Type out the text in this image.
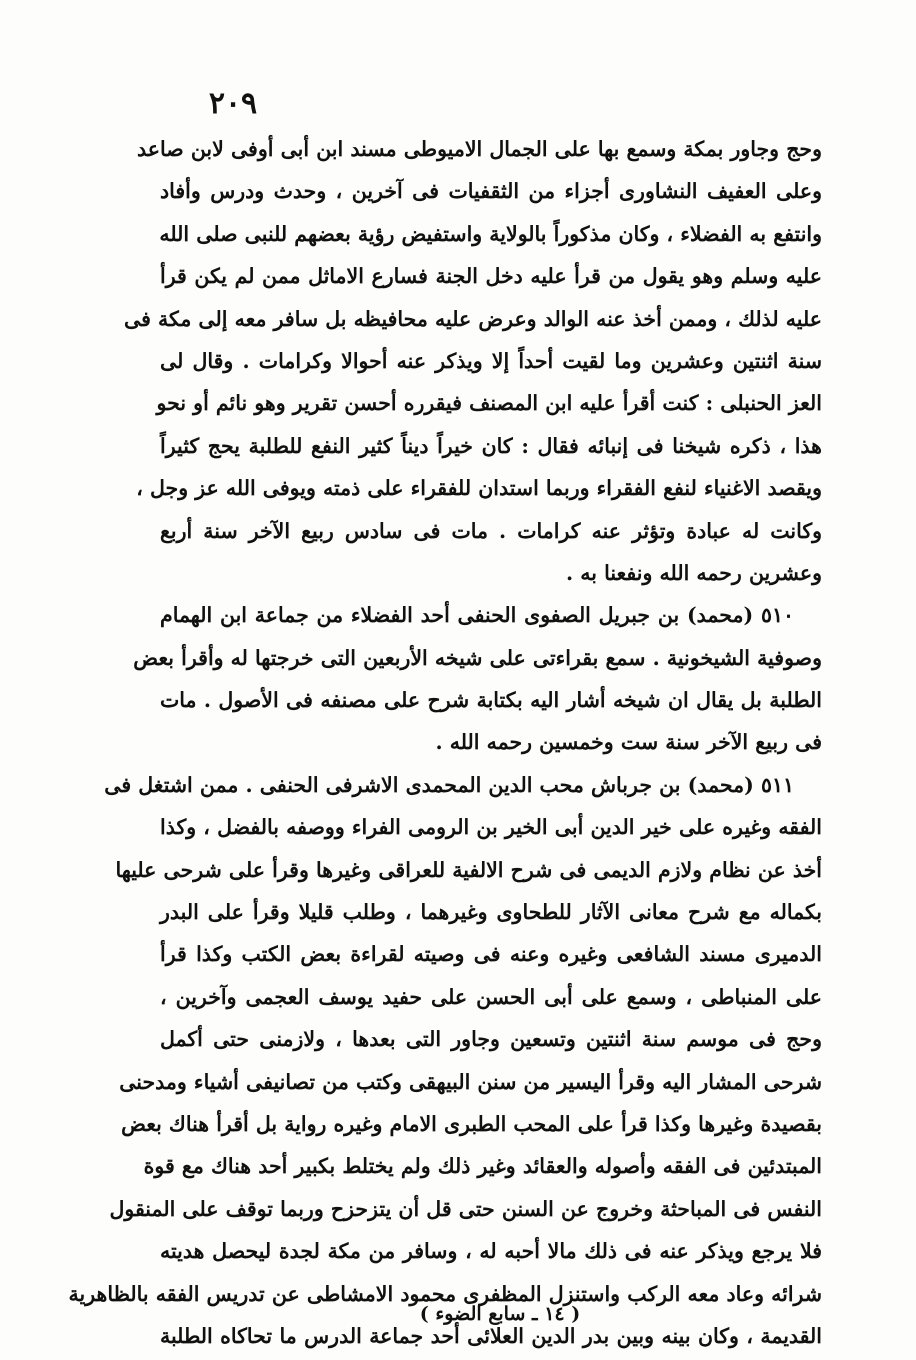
٢٠٩
وحج وجاور بمكة وسمع بها على الجمال الاميوطى مسند ابن أبى أوفى لابن صاعد
وعلى العفيف النشاورى أجزاء من الثقفيات فى آخرين ، وحدث ودرس وأفاد
وانتفع به الفضلاء ، وكان مذكوراً بالولاية واستفيض رؤية بعضهم للنبى صلى الله
عليه وسلم وهو يقول من قرأ عليه دخل الجنة فسارع الاماثل ممن لم يكن قرأ
عليه لذلك ، وممن أخذ عنه الوالد وعرض عليه محافيظه بل سافر معه إلى مكة فى
سنة اثنتين وعشرين وما لقيت أحداً إلا ويذكر عنه أحوالا وكرامات . وقال لى
العز الحنبلى : كنت أقرأ عليه ابن المصنف فيقرره أحسن تقرير وهو نائم أو نحو
هذا ، ذكره شيخنا فى إنبائه فقال : كان خيراً ديناً كثير النفع للطلبة يحج كثيراً
ويقصد الاغنياء لنفع الفقراء وربما استدان للفقراء على ذمته ويوفى الله عز وجل ،
وكانت له عبادة وتؤثر عنه كرامات . مات فى سادس ربيع الآخر سنة أربع
وعشرين رحمه الله ونفعنا به .
٥١٠ (محمد) بن جبريل الصفوى الحنفى أحد الفضلاء من جماعة ابن الهمام
وصوفية الشيخونية . سمع بقراءتى على شيخه الأربعين التى خرجتها له وأقرأ بعض
الطلبة بل يقال ان شيخه أشار اليه بكتابة شرح على مصنفه فى الأصول . مات
فى ربيع الآخر سنة ست وخمسين رحمه الله .
٥١١ (محمد) بن جرباش محب الدين المحمدى الاشرفى الحنفى . ممن اشتغل فى
الفقه وغيره على خير الدين أبى الخير بن الرومى الفراء ووصفه بالفضل ، وكذا
أخذ عن نظام ولازم الديمى فى شرح الالفية للعراقى وغيرها وقرأ على شرحى عليها
بكماله مع شرح معانى الآثار للطحاوى وغيرهما ، وطلب قليلا وقرأ على البدر
الدميرى مسند الشافعى وغيره وعنه فى وصيته لقراءة بعض الكتب وكذا قرأ
على المنباطى ، وسمع على أبى الحسن على حفيد يوسف العجمى وآخرين ،
وحج فى موسم سنة اثنتين وتسعين وجاور التى بعدها ، ولازمنى حتى أكمل
شرحى المشار اليه وقرأ اليسير من سنن البيهقى وكتب من تصانيفى أشياء ومدحنى
بقصيدة وغيرها وكذا قرأ على المحب الطبرى الامام وغيره رواية بل أقرأ هناك بعض
المبتدئين فى الفقه وأصوله والعقائد وغير ذلك ولم يختلط بكبير أحد هناك مع قوة
النفس فى المباحثة وخروج عن السنن حتى قل أن يتزحزح وربما توقف على المنقول
فلا يرجع ويذكر عنه فى ذلك مالا أحبه له ، وسافر من مكة لجدة ليحصل هديته
شرائه وعاد معه الركب واستنزل المظفرى محمود الامشاطى عن تدريس الفقه بالظاهرية
القديمة ، وكان بينه وبين بدر الدين العلائى أحد جماعة الدرس ما تحاكاه الطلبة
( ١٤ ـ سابع الضوء )
